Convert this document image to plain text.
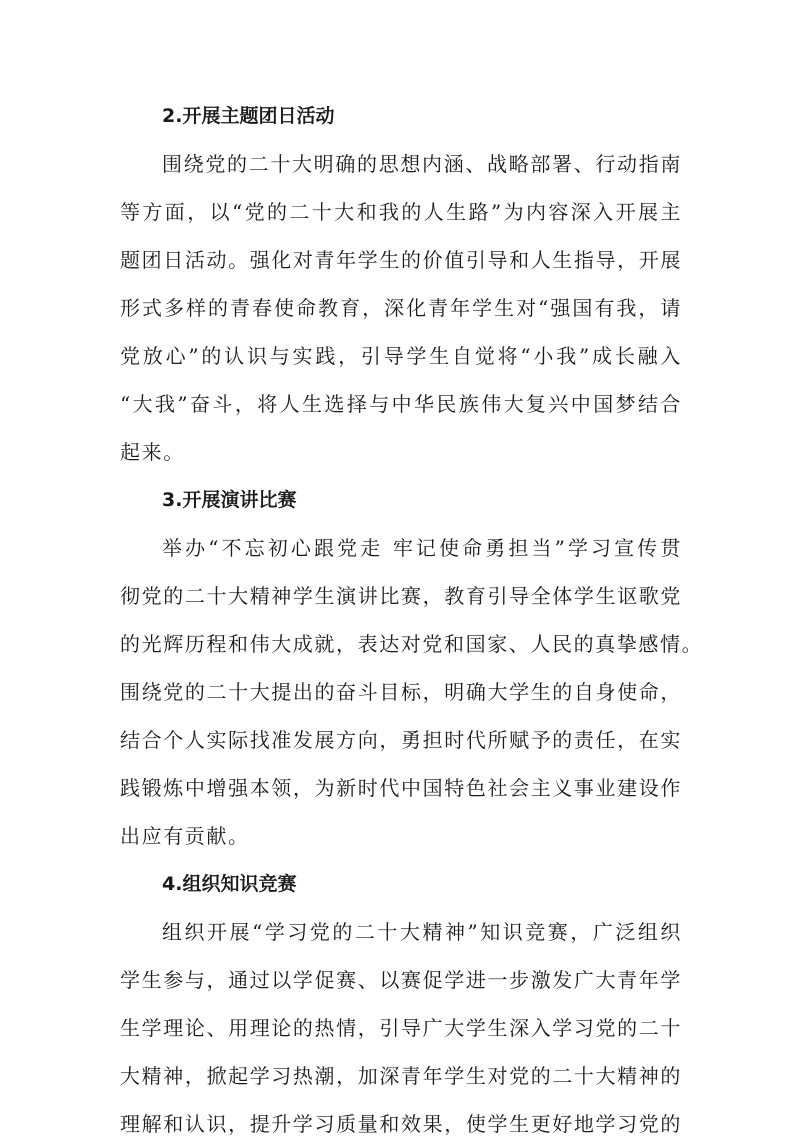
2.开展主题团日活动
围绕党的二十大明确的思想内涵、战略部署、行动指南
等方面，以“党的二十大和我的人生路”为内容深入开展主
题团日活动。强化对青年学生的价值引导和人生指导，开展
形式多样的青春使命教育，深化青年学生对“强国有我，请
党放心”的认识与实践，引导学生自觉将“小我”成长融入
“大我”奋斗，将人生选择与中华民族伟大复兴中国梦结合
起来。
3.开展演讲比赛
举办“不忘初心跟党走 牢记使命勇担当”学习宣传贯
彻党的二十大精神学生演讲比赛，教育引导全体学生讴歌党
的光辉历程和伟大成就，表达对党和国家、人民的真挚感情。
围绕党的二十大提出的奋斗目标，明确大学生的自身使命，
结合个人实际找准发展方向，勇担时代所赋予的责任，在实
践锻炼中增强本领，为新时代中国特色社会主义事业建设作
出应有贡献。
4.组织知识竞赛
组织开展“学习党的二十大精神”知识竞赛，广泛组织
学生参与，通过以学促赛、以赛促学进一步激发广大青年学
生学理论、用理论的热情，引导广大学生深入学习党的二十
大精神，掀起学习热潮，加深青年学生对党的二十大精神的
理解和认识，提升学习质量和效果，使学生更好地学习党的
